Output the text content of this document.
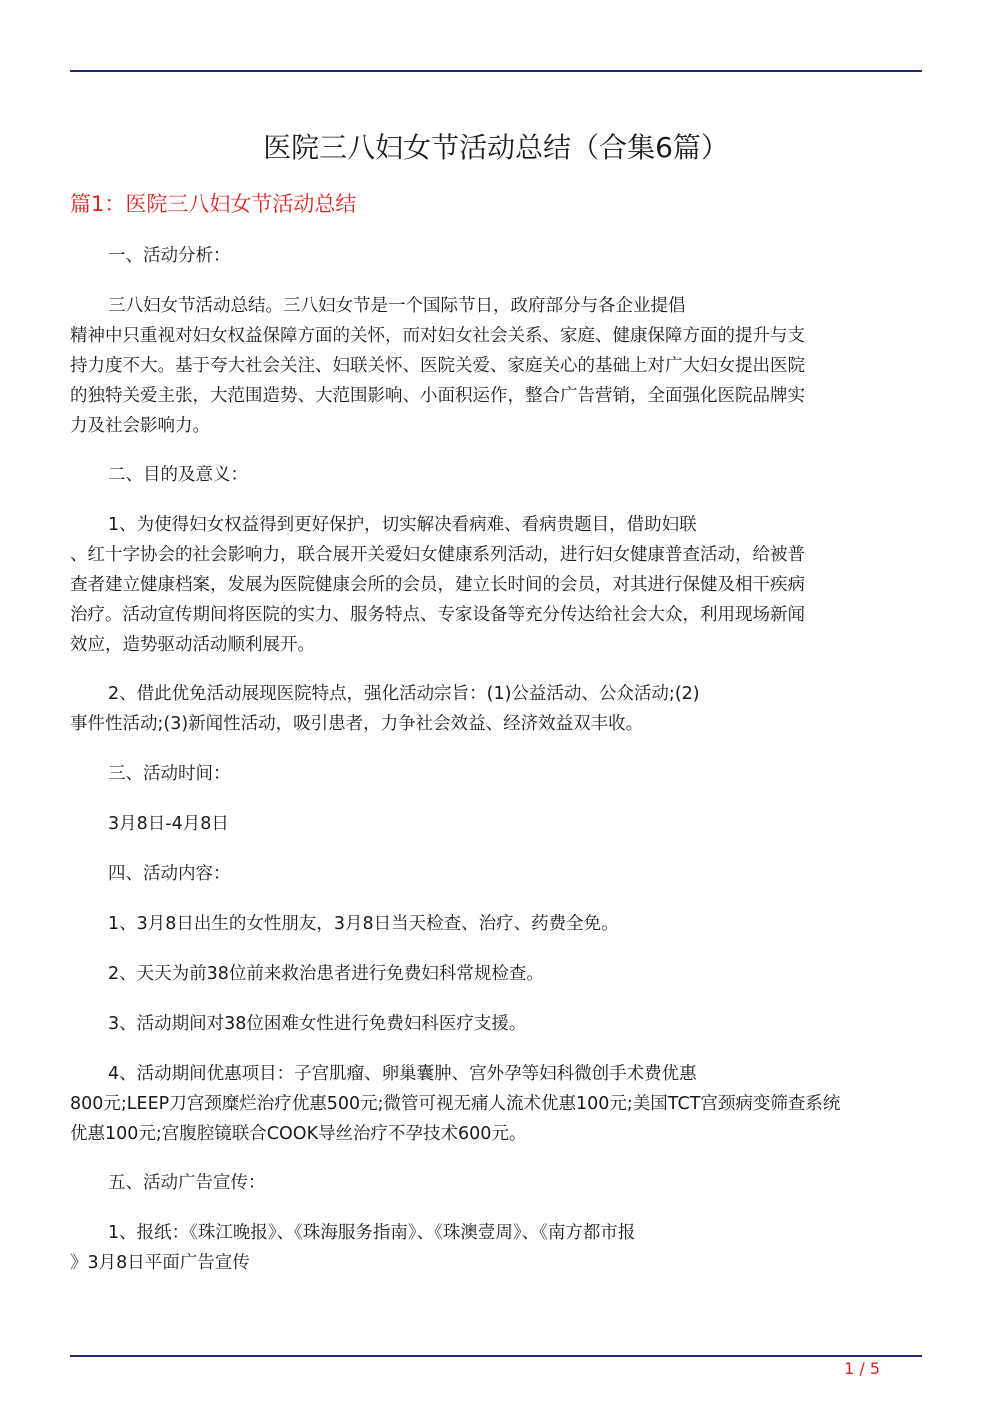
医院三八妇女节活动总结（合集6篇）
篇1：医院三八妇女节活动总结
一、活动分析：
三八妇女节活动总结。三八妇女节是一个国际节日，政府部分与各企业提倡
精神中只重视对妇女权益保障方面的关怀，而对妇女社会关系、家庭、健康保障方面的提升与支
持力度不大。基于夸大社会关注、妇联关怀、医院关爱、家庭关心的基础上对广大妇女提出医院
的独特关爱主张，大范围造势、大范围影响、小面积运作，整合广告营销，全面强化医院品牌实
力及社会影响力。
二、目的及意义：
1、为使得妇女权益得到更好保护，切实解决看病难、看病贵题目，借助妇联
、红十字协会的社会影响力，联合展开关爱妇女健康系列活动，进行妇女健康普查活动，给被普
查者建立健康档案，发展为医院健康会所的会员，建立长时间的会员，对其进行保健及相干疾病
治疗。活动宣传期间将医院的实力、服务特点、专家设备等充分传达给社会大众，利用现场新闻
效应，造势驱动活动顺利展开。
2、借此优免活动展现医院特点，强化活动宗旨：(1)公益活动、公众活动;(2)
事件性活动;(3)新闻性活动，吸引患者，力争社会效益、经济效益双丰收。
三、活动时间：
3月8日-4月8日
四、活动内容：
1、3月8日出生的女性朋友，3月8日当天检查、治疗、药费全免。
2、天天为前38位前来救治患者进行免费妇科常规检查。
3、活动期间对38位困难女性进行免费妇科医疗支援。
4、活动期间优惠项目：子宫肌瘤、卵巢囊肿、宫外孕等妇科微创手术费优惠
800元;LEEP刀宫颈糜烂治疗优惠500元;微管可视无痛人流术优惠100元;美国TCT宫颈病变筛查系统
优惠100元;宫腹腔镜联合COOK导丝治疗不孕技术600元。
五、活动广告宣传：
1、报纸：《珠江晚报》、《珠海服务指南》、《珠澳壹周》、《南方都市报
》3月8日平面广告宣传
1 / 5
